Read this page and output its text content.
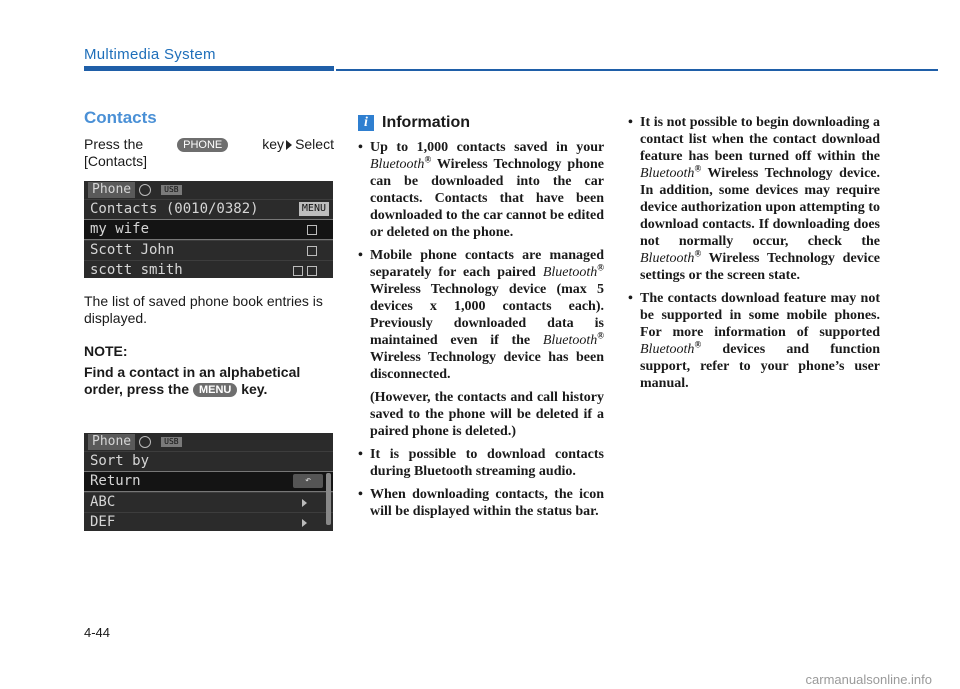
Multimedia System
Contacts
Press the	PHONE	key Select
[Contacts]
Phone	USB
Contacts (0010/0382)	MENU
my wife
Scott John
scott smith

The list of saved phone book entries is displayed.

NOTE:

Find a contact in an alphabetical order, press the MENU key.
Phone	USB
Sort by
Return	↶
ABC
DEF
i Information
• Up to 1,000 contacts saved in your Bluetooth® Wireless Technology phone can be downloaded into the car contacts. Contacts that have been downloaded to the car cannot be edited or deleted on the phone.
• Mobile phone contacts are managed separately for each paired Bluetooth® Wireless Technology device (max 5 devices x 1,000 contacts each). Previously downloaded data is maintained even if the Bluetooth® Wireless Technology device has been disconnected.
(However, the contacts and call history saved to the phone will be deleted if a paired phone is deleted.)
• It is possible to download contacts during Bluetooth streaming audio.
• When downloading contacts, the icon will be displayed within the status bar.
• It is not possible to begin downloading a contact list when the contact download feature has been turned off within the Bluetooth® Wireless Technology device. In addition, some devices may require device authorization upon attempting to download contacts. If downloading does not normally occur, check the Bluetooth® Wireless Technology device settings or the screen state.
• The contacts download feature may not be supported in some mobile phones. For more information of supported Bluetooth® devices and function support, refer to your phone’s user manual.
4-44
carmanualsonline.info
